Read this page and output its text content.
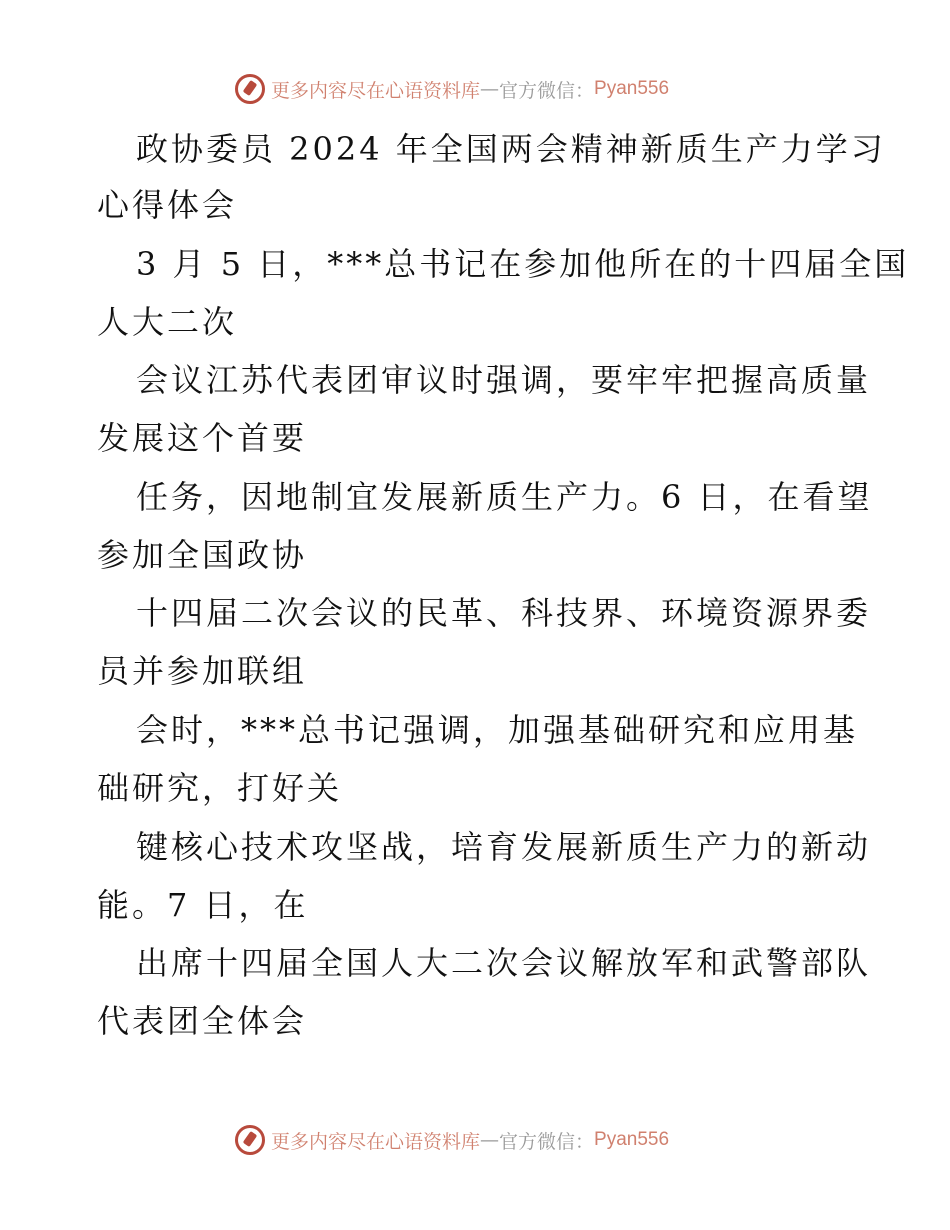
更多内容尽在心语资料库 — 官方微信： Pyan556
政协委员 2024 年全国两会精神新质生产力学习
心得体会
3 月 5 日，***总书记在参加他所在的十四届全国
人大二次
会议江苏代表团审议时强调，要牢牢把握高质量
发展这个首要
任务，因地制宜发展新质生产力。6 日，在看望
参加全国政协
十四届二次会议的民革、科技界、环境资源界委
员并参加联组
会时，***总书记强调，加强基础研究和应用基
础研究，打好关
键核心技术攻坚战，培育发展新质生产力的新动
能。7 日，在
出席十四届全国人大二次会议解放军和武警部队
代表团全体会
更多内容尽在心语资料库 — 官方微信： Pyan556
